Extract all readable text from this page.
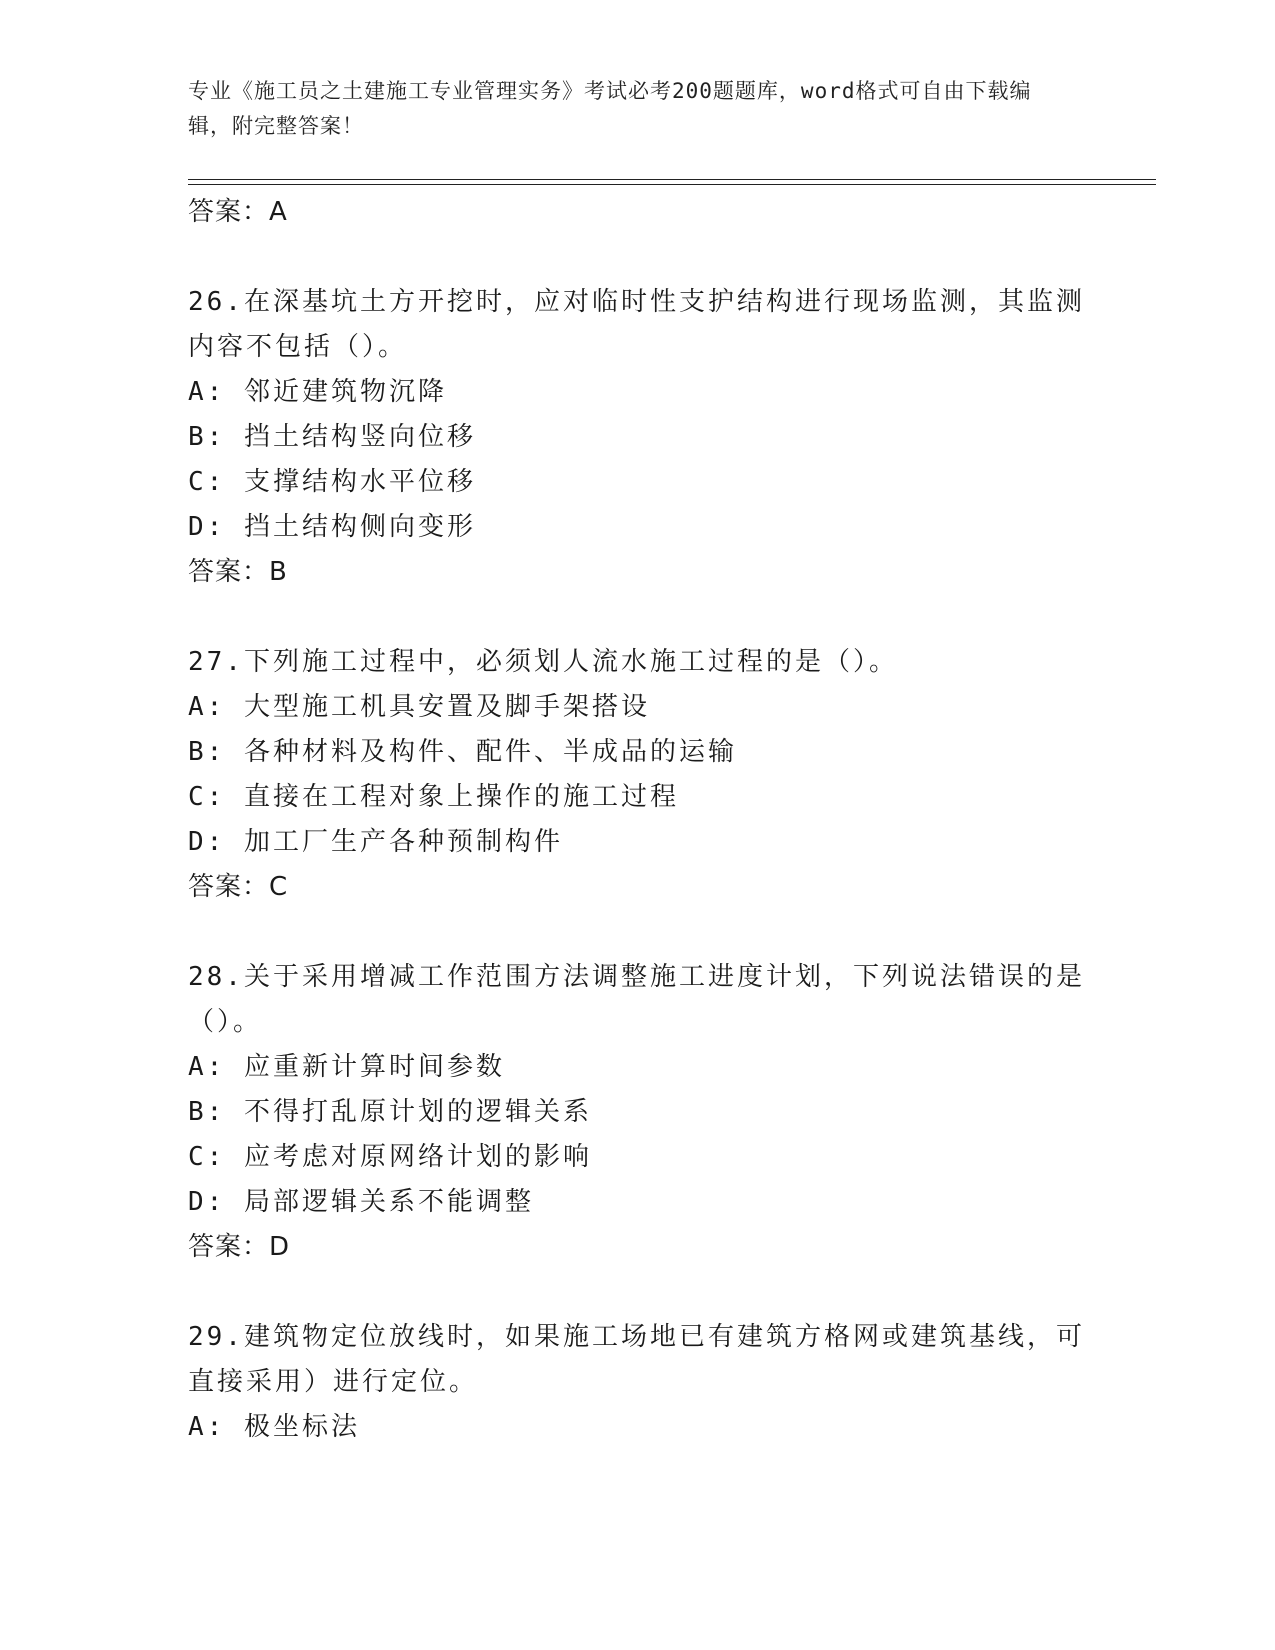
专业《施工员之土建施工专业管理实务》考试必考200题题库，word格式可自由下载编辑，附完整答案！
答案：A
26.在深基坑土方开挖时，应对临时性支护结构进行现场监测，其监测内容不包括（）。
A: 邻近建筑物沉降
B: 挡土结构竖向位移
C: 支撑结构水平位移
D: 挡土结构侧向变形
答案：B
27.下列施工过程中，必须划人流水施工过程的是（）。
A: 大型施工机具安置及脚手架搭设
B: 各种材料及构件、配件、半成品的运输
C: 直接在工程对象上操作的施工过程
D: 加工厂生产各种预制构件
答案：C
28.关于采用增减工作范围方法调整施工进度计划，下列说法错误的是（）。
A: 应重新计算时间参数
B: 不得打乱原计划的逻辑关系
C: 应考虑对原网络计划的影响
D: 局部逻辑关系不能调整
答案：D
29.建筑物定位放线时，如果施工场地已有建筑方格网或建筑基线，可直接采用）进行定位。
A: 极坐标法
